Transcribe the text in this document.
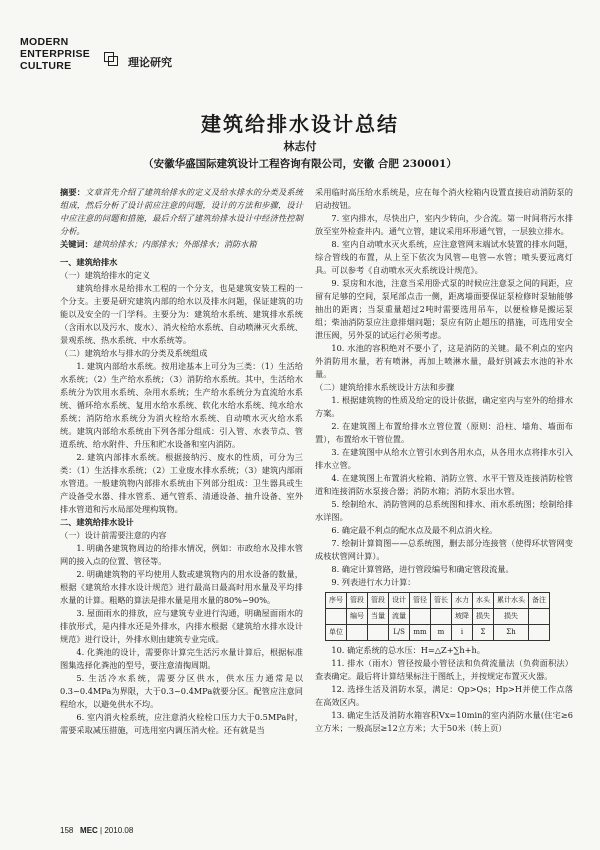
MODERN
ENTERPRISE
CULTURE	理论研究
建筑给排水设计总结
林志付
（安徽华盛国际建筑设计工程咨询有限公司，安徽 合肥 230001）

摘要：文章首先介绍了建筑给排水的定义及给水排水的分类及系统组成，然后分析了设计前应注意的问题，设计的方法和步骤，设计中应注意的问题和措施，最后介绍了建筑给排水设计中经济性控制分析。

关键词：建筑给排水；内部排水；外部排水；消防水箱

一、建筑给排水

（一）建筑给排水的定义

建筑给排水是给排水工程的一个分支，也是建筑安装工程的一个分支。主要是研究建筑内部的给水以及排水问题，保证建筑的功能以及安全的一门学科。主要分为：建筑给水系统、建筑排水系统（含雨水以及污水、废水）、消火栓给水系统、自动喷淋灭火系统、景观系统、热水系统、中水系统等。

（二）建筑给水与排水的分类及系统组成

1. 建筑内部给水系统。按用途基本上可分为三类：（1）生活给水系统；（2）生产给水系统；（3）消防给水系统。其中，生活给水系统分为饮用水系统、杂用水系统；生产给水系统分为直流给水系统、循环给水系统、复用水给水系统、软化水给水系统、纯水给水系统；消防给水系统分为消火栓给水系统、自动喷水灭火给水系统。建筑内部给水系统由下列各部分组成：引入管、水表节点、管道系统、给水附件、升压和贮水设备和室内消防。

2. 建筑内部排水系统。根据接纳污、废水的性质，可分为三类：（1）生活排水系统；（2）工业废水排水系统；（3）建筑内部雨水管道。一般建筑物内部排水系统由下列部分组成：卫生器具或生产设备受水器、排水管系、通气管系、清通设备、抽升设备、室外排水管道和污水局部处理构筑物。

二、建筑给排水设计

（一）设计前需要注意的内容

1. 明确各建筑物周边的给排水情况，例如：市政给水及排水管网的接入点的位置、管径等。

2. 明确建筑物的平均使用人数或建筑物内的用水设备的数量，根据《建筑给水排水设计规范》进行最高日最高时用水量及平均排水量的计算。粗略的算法是排水量是用水量的80%~90%。

3. 屋面雨水的排放，应与建筑专业进行沟通，明确屋面雨水的排放形式，是内排水还是外排水，内排水根据《建筑给水排水设计规范》进行设计，外排水则由建筑专业完成。

4. 化粪池的设计，需要你计算完生活污水量计算后，根据标准图集选择化粪池的型号，要注意清掏周期。

5. 生活冷水系统，需要分区供水，供水压力通常是以0.3~0.4MPa为界限，大于0.3~0.4MPa就要分区。配管应注意同程给水，以避免供水不均。

6. 室内消火栓系统，应注意消火栓栓口压力大于0.5MPa时，需要采取减压措施，可选用室内调压消火栓。还有就是当

采用临时高压给水系统是，应在每个消火栓箱内设置直接启动消防泵的启动按钮。

7. 室内排水，尽快出户，室内少转向，少合流。第一时间将污水排放至室外检查井内。通气立管，建议采用环形通气管，一层独立排水。

8. 室内自动喷水灭火系统，应注意管网末端试水装置的排水问题，综合管线的布置，从上至下依次为风管—电管—水管；喷头要远离灯具。可以参考《自动喷水灭火系统设计规范》。

9. 泵房和水池，注意当采用卧式泵的时候应注意泵之间的间距，应留有足够的空间，泵尾部点击一侧，距离墙面要保证泵检修时泵轴能够抽出的距离；当泵重量超过2吨时需要选用吊车，以便检修是搬运泵组；柴油消防泵应注意排烟问题；泵应有防止超压的措施，可选用安全泄压阀，另外泵的试运行必须考虑。

10. 水池的容积绝对不要小了，这是消防的关键。最不利点的室内外消防用水量，若有喷淋，再加上喷淋水量，最好别减去水池的补水量。

（二）建筑给排水系统设计方法和步骤

1. 根据建筑物的性质及给定的设计依据，确定室内与室外的给排水方案。

2. 在建筑图上布置给排水立管位置（原则：沿柱、墙角、墙面布置），布置给水干管位置。

3. 在建筑图中从给水立管引水到各用水点，从各用水点将排水引入排水立管。

4. 在建筑图上布置消火栓箱、消防立管、水平干管及连接消防栓管道和连接消防水泵接合器；消防水箱；消防水泵出水管。

5. 绘制给水、消防管网的总系统图和排水、雨水系统图；绘制给排水详图。

6. 确定最不利点的配水点及最不利点消火栓。

7. 绘制计算简图——总系统图，删去部分连接管（使得环状管网变成枝状管网计算）。

8. 确定计算管路，进行管段编号和确定管段流量。

9. 列表进行水力计算：

序号	管段	管段	设计	管径	管长	水力	水头	累计水头	备注
	编号	当量	流量			坡降	损失	损失	
单位			L/S	mm	m	i	Σ	Σh	

10. 确定系统的总水压：H=△Z+∑h+h。

11. 排水（雨水）管径按最小管径法和负荷流量法（负荷面积法）查表确定。最后将计算结果标注于图纸上，并按规定布置灭火器。

12. 选择生活及消防水泵，满足：Qp>Qs；Hp>H并使工作点落在高效区内。

13. 确定生活及消防水箱容积Vx=10min的室内消防水量(住宅≥6立方米；一般高层≥12立方米；大于50米（转上页）

158 MEC | 2010.08
